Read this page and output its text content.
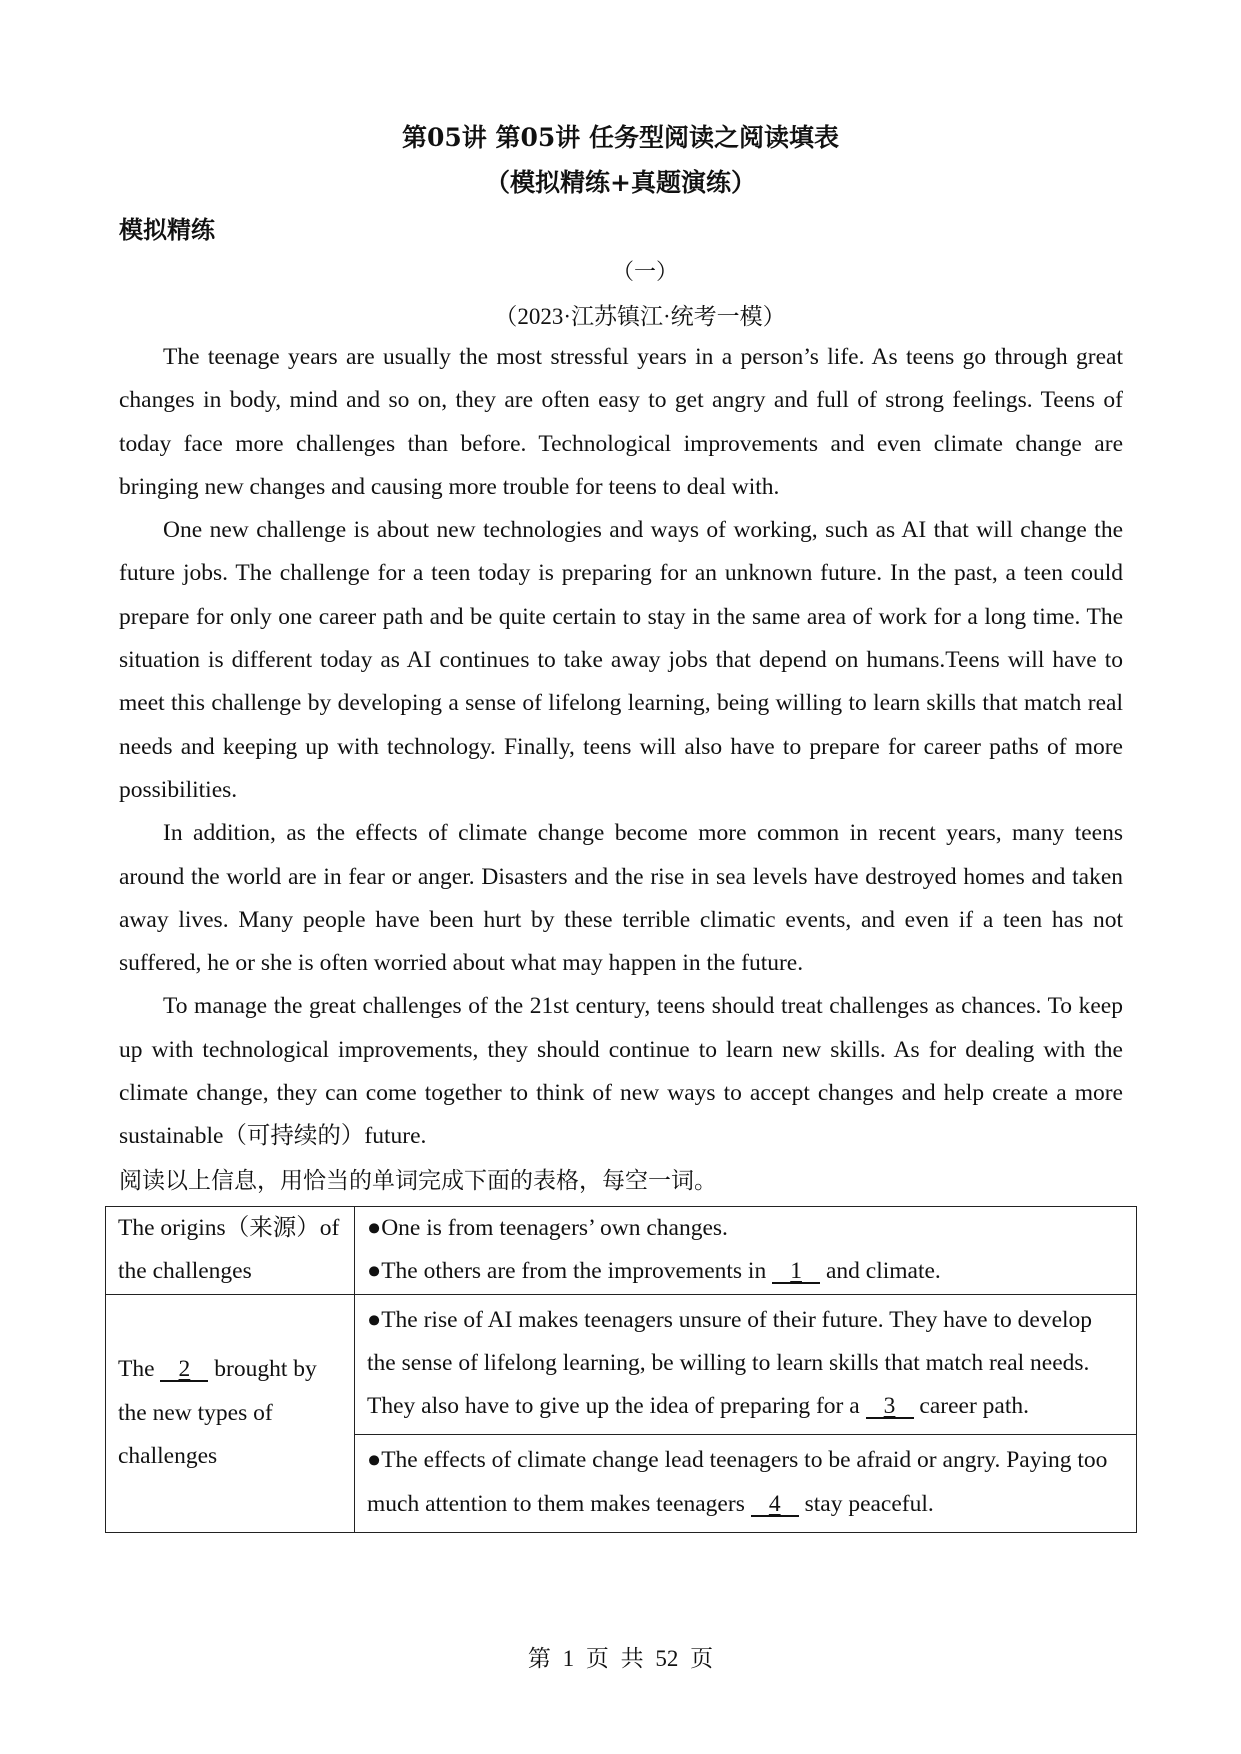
第05讲 第05讲 任务型阅读之阅读填表
（模拟精练+真题演练）
模拟精练
（一）
（2023·江苏镇江·统考一模）

The teenage years are usually the most stressful years in a person’s life. As teens go through great changes in body, mind and so on, they are often easy to get angry and full of strong feelings. Teens of today face more challenges than before. Technological improvements and even climate change are bringing new changes and causing more trouble for teens to deal with.

One new challenge is about new technologies and ways of working, such as AI that will change the future jobs. The challenge for a teen today is preparing for an unknown future. In the past, a teen could prepare for only one career path and be quite certain to stay in the same area of work for a long time. The situation is different today as AI continues to take away jobs that depend on humans.Teens will have to meet this challenge by developing a sense of lifelong learning, being willing to learn skills that match real needs and keeping up with technology. Finally, teens will also have to prepare for career paths of more possibilities.

In addition, as the effects of climate change become more common in recent years, many teens around the world are in fear or anger. Disasters and the rise in sea levels have destroyed homes and taken away lives. Many people have been hurt by these terrible climatic events, and even if a teen has not suffered, he or she is often worried about what may happen in the future.

To manage the great challenges of the 21st century, teens should treat challenges as chances. To keep up with technological improvements, they should continue to learn new skills. As for dealing with the climate change, they can come together to think of new ways to accept changes and help create a more sustainable（可持续的）future.

阅读以上信息，用恰当的单词完成下面的表格，每空一词。
The origins（来源）of the challenges	●One is from teenagers’ own changes.
●The others are from the improvements in 1 and climate.

The 2 brought by the new types of challenges	●The rise of AI makes teenagers unsure of their future. They have to develop the sense of lifelong learning, be willing to learn skills that match real needs. They also have to give up the idea of preparing for a 3 career path.
	●The effects of climate change lead teenagers to be afraid or angry. Paying too much attention to them makes teenagers 4 stay peaceful.
第 1 页 共 52 页
